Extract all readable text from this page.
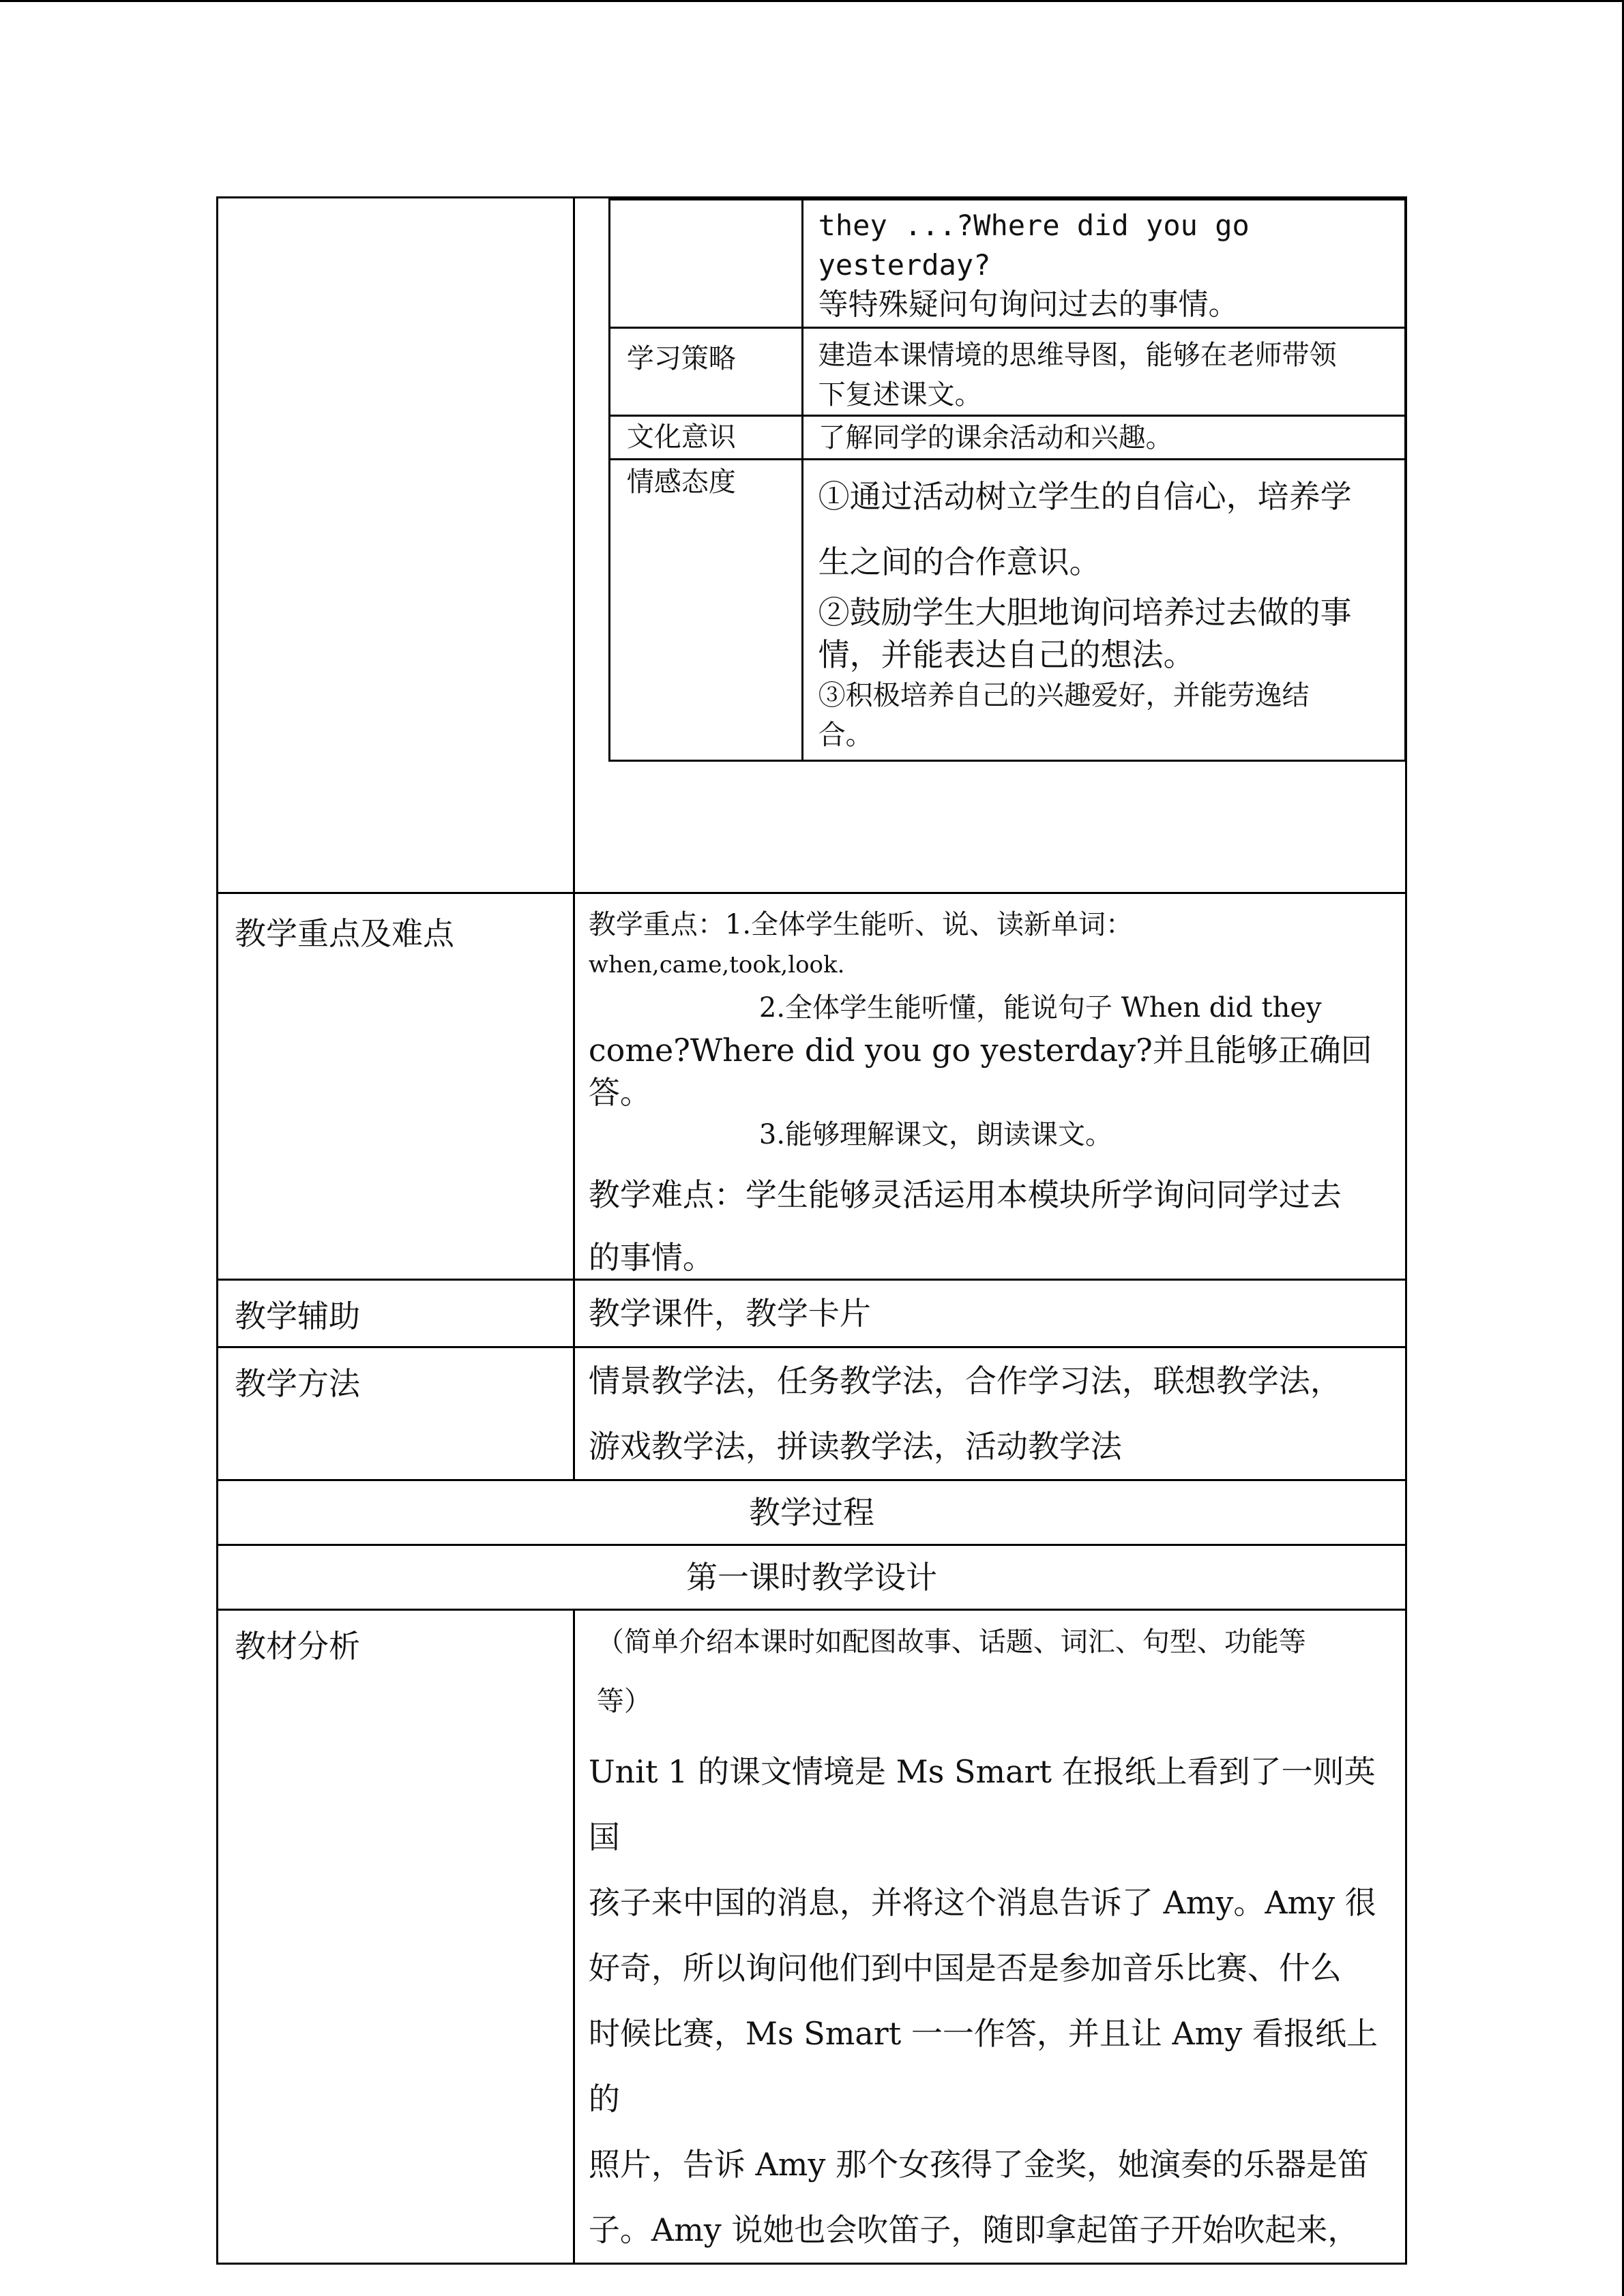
they ...?Where did you go yesterday?
等特殊疑问句询问过去的事情。

学习策略	建造本课情境的思维导图，能够在老师带领
下复述课文。

文化意识	了解同学的课余活动和兴趣。

情感态度	①通过活动树立学生的自信心，培养学
生之间的合作意识。
②鼓励学生大胆地询问培养过去做的事
情，并能表达自己的想法。
③积极培养自己的兴趣爱好，并能劳逸结
合。

教学重点及难点	教学重点：1.全体学生能听、说、读新单词：
when,came,took,look.
2.全体学生能听懂，能说句子 When did they
come?Where did you go yesterday?并且能够正确回答。
3.能够理解课文，朗读课文。
教学难点：学生能够灵活运用本模块所学询问同学过去
的事情。

教学辅助	教学课件，教学卡片

教学方法	情景教学法，任务教学法，合作学习法，联想教学法，
游戏教学法，拼读教学法，活动教学法

教学过程

第一课时教学设计

教材分析	（简单介绍本课时如配图故事、话题、词汇、句型、功能等
等）
Unit 1 的课文情境是 Ms Smart 在报纸上看到了一则英国
孩子来中国的消息，并将这个消息告诉了 Amy。Amy 很
好奇，所以询问他们到中国是否是参加音乐比赛、什么
时候比赛，Ms Smart 一一作答，并且让 Amy 看报纸上的
照片，告诉 Amy 那个女孩得了金奖，她演奏的乐器是笛
子。Amy 说她也会吹笛子，随即拿起笛子开始吹起来，
